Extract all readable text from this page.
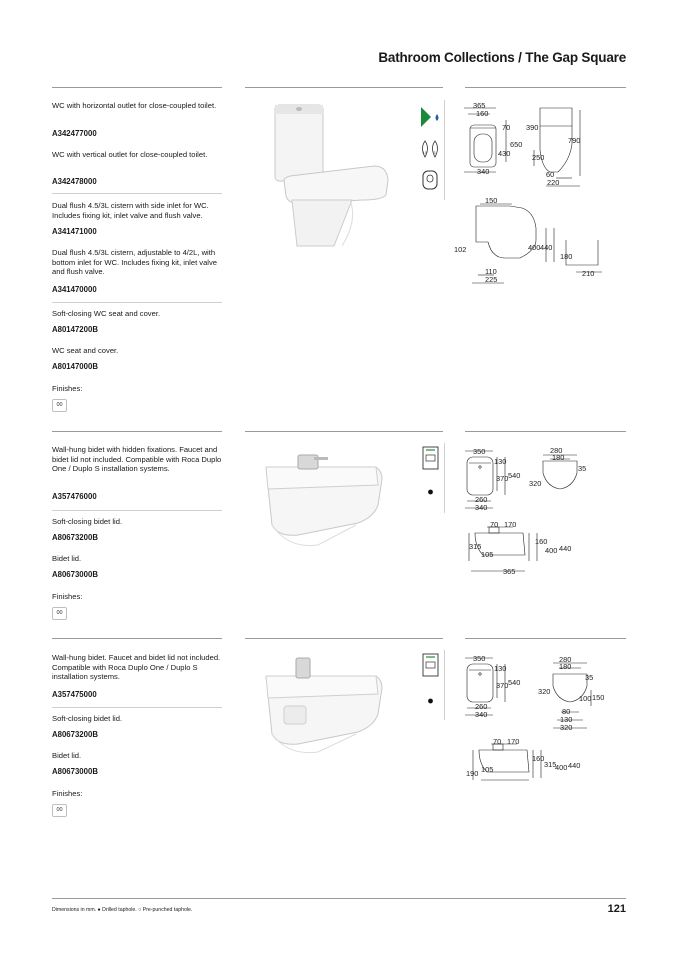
Bathroom Collections / The Gap Square
WC with horizontal outlet for close-coupled toilet.
A342477000
WC with vertical outlet for close-coupled toilet.
A342478000
Dual flush 4.5/3L cistern with side inlet for WC. Includes fixing kit, inlet valve and flush valve.
A341471000
Dual flush 4.5/3L cistern, adjustable to 4/2L, with bottom inlet for WC. Includes fixing kit, inlet valve and flush valve.
A341470000
Soft-closing WC seat and cover.
A80147200B
WC seat and cover.
A80147000B
Finishes:
00
4.5 3
365
160
70 390
650	790
430	250
340	60
220
150
102	400 440
180
110
225
210
Wall-hung bidet with hidden fixations. Faucet and bidet lid not included. Compatible with Roca Duplo One / Duplo S installation systems.
A357476000
Soft-closing bidet lid.
A80673200B
Bidet lid.
A80673000B
Finishes:
00
350
130
370 540
260
340
280
180
35
320
70 170
160
315	400 440
105
365
Wall-hung bidet. Faucet and bidet lid not included. Compatible with Roca Duplo One / Duplo S installation systems.
A357475000
Soft-closing bidet lid.
A80673200B
Bidet lid.
A80673000B
Finishes:
00
350
130
370 540
260
340
280
180
35
320
100 150
80
130
320
70 170
160
315
400 440
105
190
Dimensions in mm. ● Drilled taphole. ○ Pre-punched taphole.	121
